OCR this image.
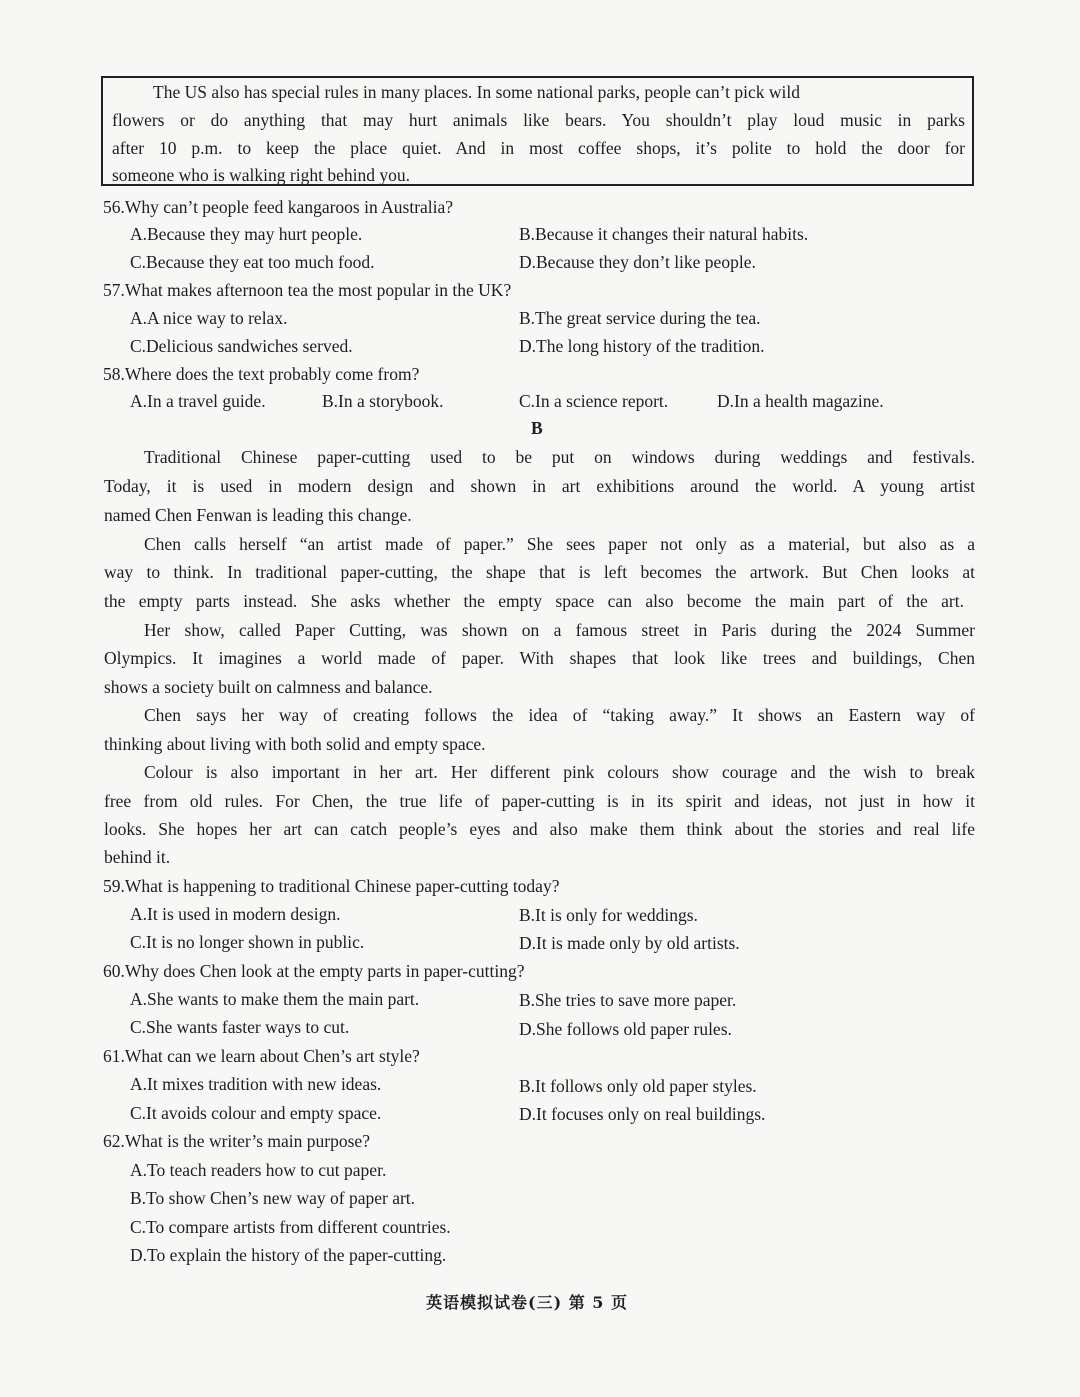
The US also has special rules in many places. In some national parks, people can’t pick wild
flowers or do anything that may hurt animals like bears. You shouldn’t play loud music in parks
after 10 p.m. to keep the place quiet. And in most coffee shops, it’s polite to hold the door for
someone who is walking right behind you.
56.Why can’t people feed kangaroos in Australia?
A.Because they may hurt people.	B.Because it changes their natural habits.
C.Because they eat too much food.	D.Because they don’t like people.
57.What makes afternoon tea the most popular in the UK?
A.A nice way to relax.	B.The great service during the tea.
C.Delicious sandwiches served.	D.The long history of the tradition.
58.Where does the text probably come from?
A.In a travel guide.	B.In a storybook.	C.In a science report.	D.In a health magazine.
B
Traditional Chinese paper-cutting used to be put on windows during weddings and festivals.
Today, it is used in modern design and shown in art exhibitions around the world. A young artist
named Chen Fenwan is leading this change.
Chen calls herself “an artist made of paper.” She sees paper not only as a material, but also as a
way to think. In traditional paper-cutting, the shape that is left becomes the artwork. But Chen looks at
the empty parts instead. She asks whether the empty space can also become the main part of the art.
Her show, called Paper Cutting, was shown on a famous street in Paris during the 2024 Summer
Olympics. It imagines a world made of paper. With shapes that look like trees and buildings, Chen
shows a society built on calmness and balance.
Chen says her way of creating follows the idea of “taking away.” It shows an Eastern way of
thinking about living with both solid and empty space.
Colour is also important in her art. Her different pink colours show courage and the wish to break
free from old rules. For Chen, the true life of paper-cutting is in its spirit and ideas, not just in how it
looks. She hopes her art can catch people’s eyes and also make them think about the stories and real life
behind it.
59.What is happening to traditional Chinese paper-cutting today?
A.It is used in modern design.	B.It is only for weddings.
C.It is no longer shown in public.	D.It is made only by old artists.
60.Why does Chen look at the empty parts in paper-cutting?
A.She wants to make them the main part.	B.She tries to save more paper.
C.She wants faster ways to cut.	D.She follows old paper rules.
61.What can we learn about Chen’s art style?
A.It mixes tradition with new ideas.	B.It follows only old paper styles.
C.It avoids colour and empty space.	D.It focuses only on real buildings.
62.What is the writer’s main purpose?
A.To teach readers how to cut paper.
B.To show Chen’s new way of paper art.
C.To compare artists from different countries.
D.To explain the history of the paper-cutting.
英语模拟试卷(三) 第 5 页
